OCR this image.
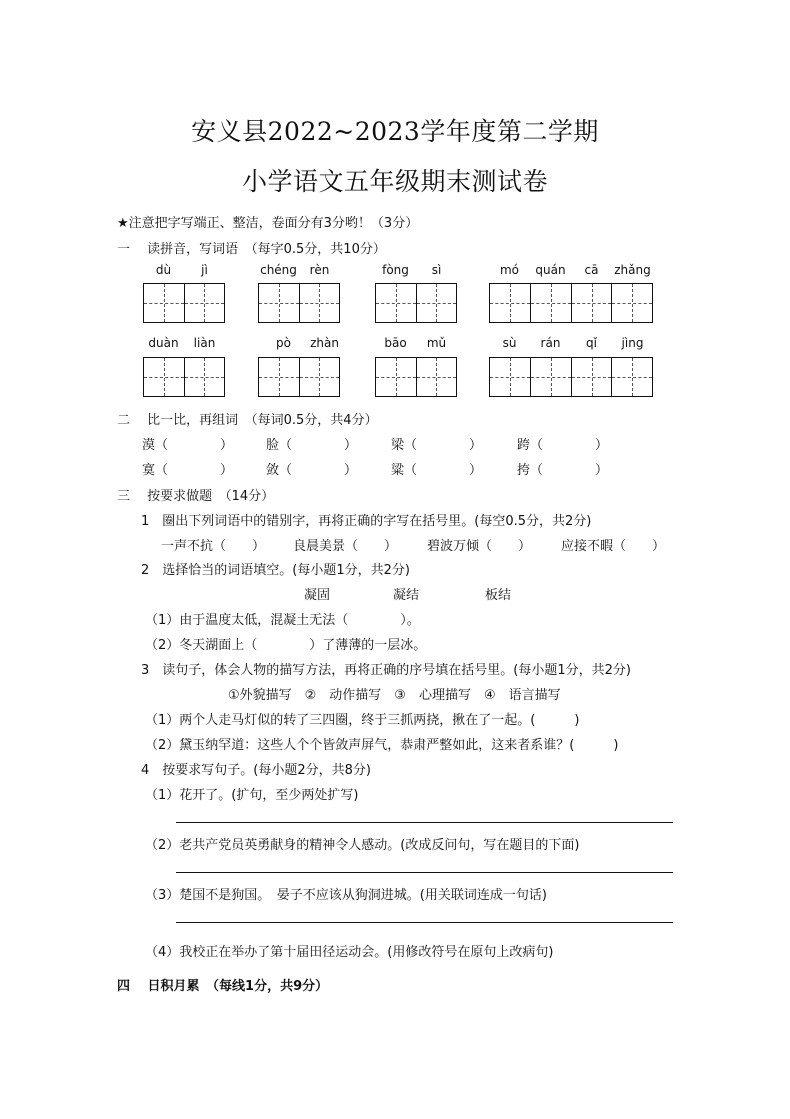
安义县2022~2023学年度第二学期
小学语文五年级期末测试卷
★注意把字写端正、整洁，卷面分有3分哟！（3分）
一　 读拼音，写词语　（每字0.5分，共10分）
dù	jì	chéng	rèn	fòng	sì	mó	quán	cā	zhǎng
duàn	liàn	pò	zhàn	bāo	mǔ	sù	rán	qǐ	jìng
二　 比一比，再组词　（每词0.5分，共4分）
漠（　　　　）	脸（　　　　）	梁（　　　　）	跨（　　　　）
寞（　　　　）	敛（　　　　）	粱（　　　　）	挎（　　　　）
三　 按要求做题　（14分）
1　圈出下列词语中的错别字，再将正确的字写在括号里。(每空0.5分，共2分)
一声不抗（　　） 良晨美景（　　） 碧波万倾（　　） 应接不暇（　　）
2　选择恰当的词语填空。(每小题1分，共2分)
凝固	凝结	板结
（1）由于温度太低，混凝土无法（　　　　）。
（2）冬天湖面上（　　　　）了薄薄的一层冰。
3　读句子，体会人物的描写方法，再将正确的序号填在括号里。(每小题1分，共2分)
①外貌描写　②　动作描写　③　心理描写　④　语言描写
（1）两个人走马灯似的转了三四圈，终于三抓两挠，揪在了一起。(　　　)
（2）黛玉纳罕道：这些人个个皆敛声屏气，恭肃严整如此，这来者系谁？(　　　)
4　按要求写句子。(每小题2分，共8分)
（1）花开了。(扩句，至少两处扩写)
（2）老共产党员英勇献身的精神令人感动。(改成反问句，写在题目的下面)
（3）楚国不是狗国。　晏子不应该从狗洞进城。(用关联词连成一句话)
（4）我校正在举办了第十届田径运动会。(用修改符号在原句上改病句)
四　 日积月累　（每线1分，共9分）
